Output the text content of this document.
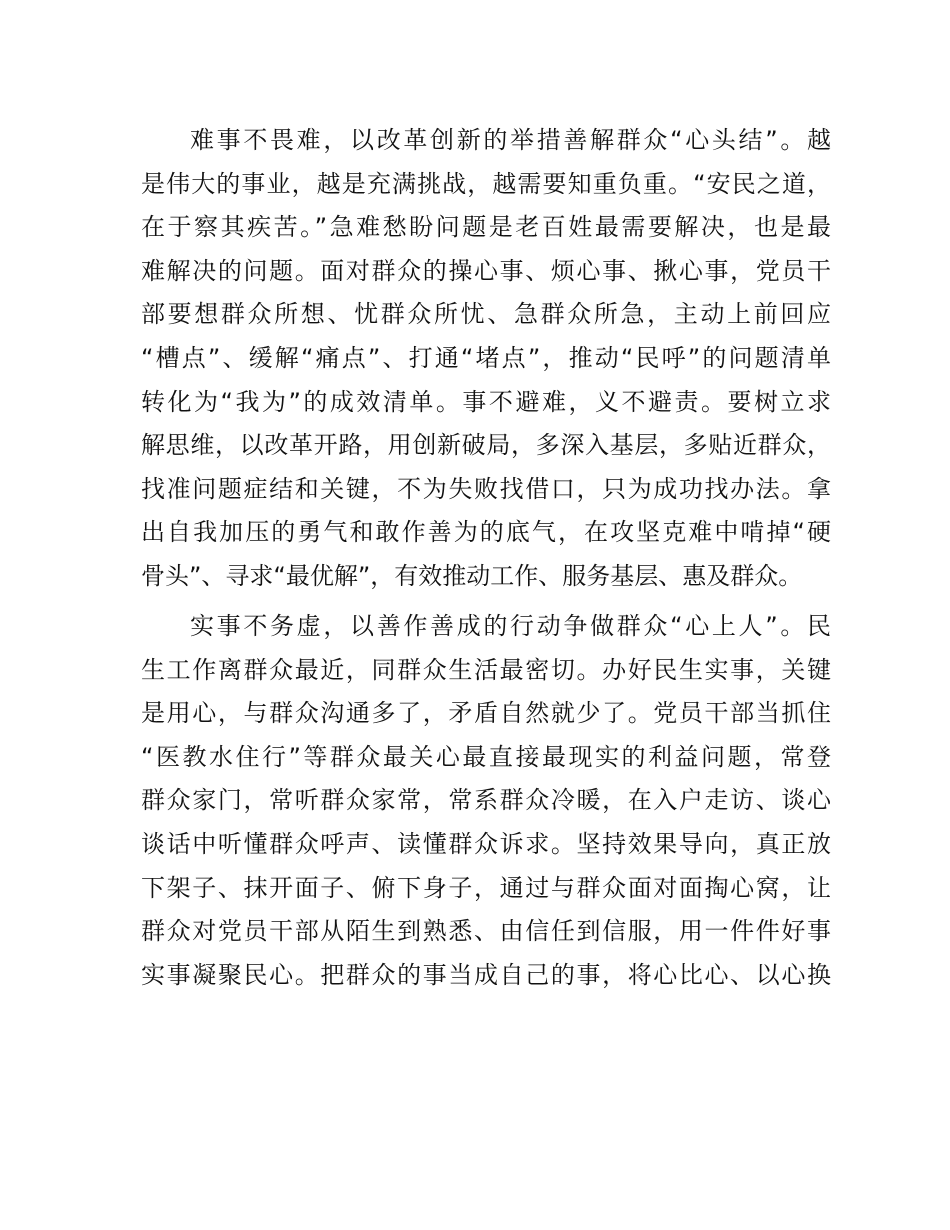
难事不畏难，以改革创新的举措善解群众“心头结”。越
是伟大的事业，越是充满挑战，越需要知重负重。“安民之道，
在于察其疾苦。”急难愁盼问题是老百姓最需要解决，也是最
难解决的问题。面对群众的操心事、烦心事、揪心事，党员干
部要想群众所想、忧群众所忧、急群众所急，主动上前回应
“槽点”、缓解“痛点”、打通“堵点”，推动“民呼”的问题清单
转化为“我为”的成效清单。事不避难，义不避责。要树立求
解思维，以改革开路，用创新破局，多深入基层，多贴近群众，
找准问题症结和关键，不为失败找借口，只为成功找办法。拿
出自我加压的勇气和敢作善为的底气，在攻坚克难中啃掉“硬
骨头”、寻求“最优解”，有效推动工作、服务基层、惠及群众。
实事不务虚，以善作善成的行动争做群众“心上人”。民
生工作离群众最近，同群众生活最密切。办好民生实事，关键
是用心，与群众沟通多了，矛盾自然就少了。党员干部当抓住
“医教水住行”等群众最关心最直接最现实的利益问题，常登
群众家门，常听群众家常，常系群众冷暖，在入户走访、谈心
谈话中听懂群众呼声、读懂群众诉求。坚持效果导向，真正放
下架子、抹开面子、俯下身子，通过与群众面对面掏心窝，让
群众对党员干部从陌生到熟悉、由信任到信服，用一件件好事
实事凝聚民心。把群众的事当成自己的事，将心比心、以心换
